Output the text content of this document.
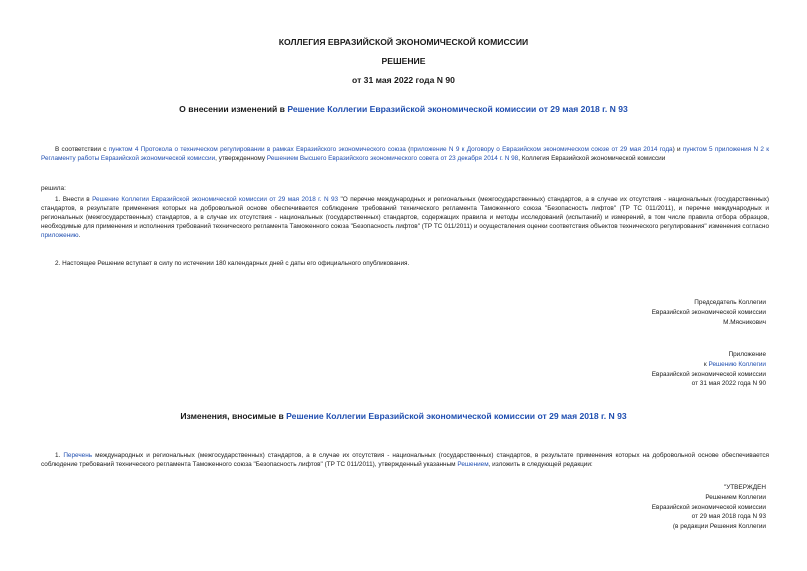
КОЛЛЕГИЯ ЕВРАЗИЙСКОЙ ЭКОНОМИЧЕСКОЙ КОМИССИИ
РЕШЕНИЕ
от 31 мая 2022 года N 90
О внесении изменений в Решение Коллегии Евразийской экономической комиссии от 29 мая 2018 г. N 93
В соответствии с пунктом 4 Протокола о техническом регулировании в рамках Евразийского экономического союза (приложение N 9 к Договору о Евразийском экономическом союзе от 29 мая 2014 года) и пунктом 5 приложения N 2 к Регламенту работы Евразийской экономической комиссии, утвержденному Решением Высшего Евразийского экономического совета от 23 декабря 2014 г. N 98, Коллегия Евразийской экономической комиссии
решила:
1. Внести в Решение Коллегии Евразийской экономической комиссии от 29 мая 2018 г. N 93 "О перечне международных и региональных (межгосударственных) стандартов, а в случае их отсутствия - национальных (государственных) стандартов, в результате применения которых на добровольной основе обеспечивается соблюдение требований технического регламента Таможенного союза "Безопасность лифтов" (ТР ТС 011/2011), и перечне международных и региональных (межгосударственных) стандартов, а в случае их отсутствия - национальных (государственных) стандартов, содержащих правила и методы исследований (испытаний) и измерений, в том числе правила отбора образцов, необходимые для применения и исполнения требований технического регламента Таможенного союза "Безопасность лифтов" (ТР ТС 011/2011) и осуществления оценки соответствия объектов технического регулирования" изменения согласно приложению.
2. Настоящее Решение вступает в силу по истечении 180 календарных дней с даты его официального опубликования.
Председатель Коллегии
Евразийской экономической комиссии
М.Мясникович
Приложение
к Решению Коллегии
Евразийской экономической комиссии
от 31 мая 2022 года N 90
Изменения, вносимые в Решение Коллегии Евразийской экономической комиссии от 29 мая 2018 г. N 93
1. Перечень международных и региональных (межгосударственных) стандартов, а в случае их отсутствия - национальных (государственных) стандартов, в результате применения которых на добровольной основе обеспечивается соблюдение требований технического регламента Таможенного союза "Безопасность лифтов" (ТР ТС 011/2011), утвержденный указанным Решением, изложить в следующей редакции:
"УТВЕРЖДЕН
Решением Коллегии
Евразийской экономической комиссии
от 29 мая 2018 года N 93
(в редакции Решения Коллегии
